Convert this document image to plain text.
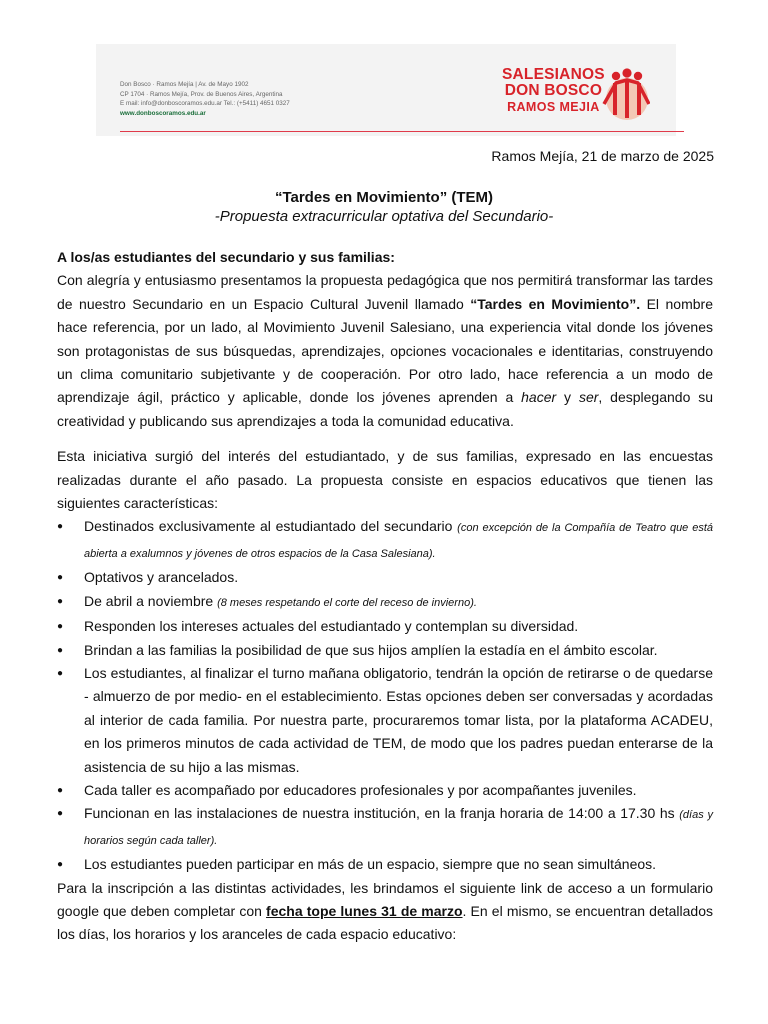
Don Bosco · Ramos Mejía | Av. de Mayo 1902
CP 1704 · Ramos Mejía, Prov. de Buenos Aires, Argentina
E mail: info@donboscoramos.edu.ar Tel.: (+5411) 4651 0327
www.donboscoramos.edu.ar
SALESIANOS
DON BOSCO
RAMOS MEJIA
Ramos Mejía, 21 de marzo de 2025
“Tardes en Movimiento” (TEM)
-Propuesta extracurricular optativa del Secundario-

A los/as estudiantes del secundario y sus familias:

Con alegría y entusiasmo presentamos la propuesta pedagógica que nos permitirá transformar las tardes de nuestro Secundario en un Espacio Cultural Juvenil llamado “Tardes en Movimiento”. El nombre hace referencia, por un lado, al Movimiento Juvenil Salesiano, una experiencia vital donde los jóvenes son protagonistas de sus búsquedas, aprendizajes, opciones vocacionales e identitarias, construyendo un clima comunitario subjetivante y de cooperación. Por otro lado, hace referencia a un modo de aprendizaje ágil, práctico y aplicable, donde los jóvenes aprenden a hacer y ser, desplegando su creatividad y publicando sus aprendizajes a toda la comunidad educativa.

Esta iniciativa surgió del interés del estudiantado, y de sus familias, expresado en las encuestas realizadas durante el año pasado. La propuesta consiste en espacios educativos que tienen las siguientes características:

● Destinados exclusivamente al estudiantado del secundario (con excepción de la Compañía de Teatro que está abierta a exalumnos y jóvenes de otros espacios de la Casa Salesiana).
● Optativos y arancelados.
● De abril a noviembre (8 meses respetando el corte del receso de invierno).
● Responden los intereses actuales del estudiantado y contemplan su diversidad.
● Brindan a las familias la posibilidad de que sus hijos amplíen la estadía en el ámbito escolar.
● Los estudiantes, al finalizar el turno mañana obligatorio, tendrán la opción de retirarse o de quedarse - almuerzo de por medio- en el establecimiento. Estas opciones deben ser conversadas y acordadas al interior de cada familia. Por nuestra parte, procuraremos tomar lista, por la plataforma ACADEU, en los primeros minutos de cada actividad de TEM, de modo que los padres puedan enterarse de la asistencia de su hijo a las mismas.
● Cada taller es acompañado por educadores profesionales y por acompañantes juveniles.
● Funcionan en las instalaciones de nuestra institución, en la franja horaria de 14:00 a 17.30 hs (días y horarios según cada taller).
● Los estudiantes pueden participar en más de un espacio, siempre que no sean simultáneos.

Para la inscripción a las distintas actividades, les brindamos el siguiente link de acceso a un formulario google que deben completar con fecha tope lunes 31 de marzo. En el mismo, se encuentran detallados los días, los horarios y los aranceles de cada espacio educativo:
